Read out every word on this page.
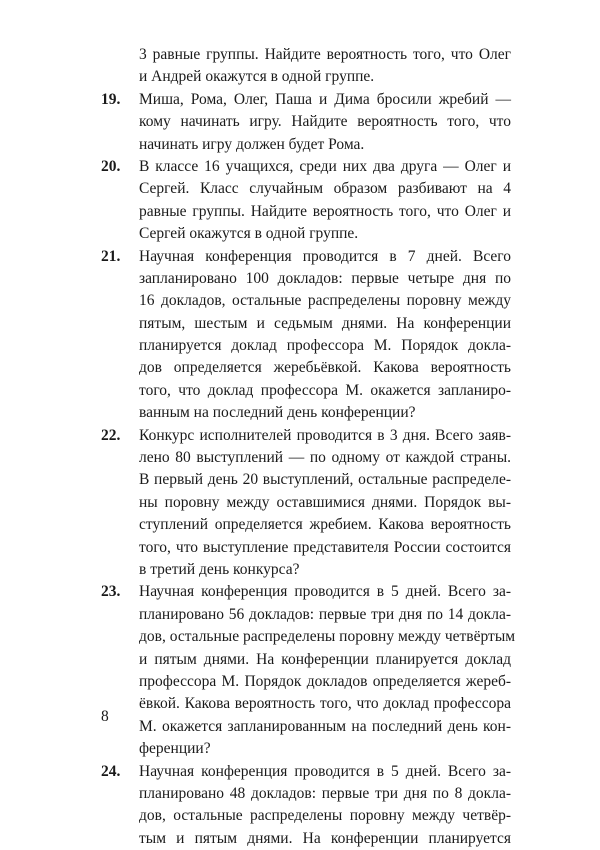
3 равные группы. Найдите вероятность того, что Олег
и Андрей окажутся в одной группе.
19. Миша, Рома, Олег, Паша и Дима бросили жребий —
кому начинать игру. Найдите вероятность того, что
начинать игру должен будет Рома.
20. В классе 16 учащихся, среди них два друга — Олег и
Сергей. Класс случайным образом разбивают на 4
равные группы. Найдите вероятность того, что Олег и
Сергей окажутся в одной группе.
21. Научная конференция проводится в 7 дней. Всего
запланировано 100 докладов: первые четыре дня по
16 докладов, остальные распределены поровну между
пятым, шестым и седьмым днями. На конференции
планируется доклад профессора М. Порядок докла-
дов определяется жеребьёвкой. Какова вероятность
того, что доклад профессора М. окажется запланиро-
ванным на последний день конференции?
22. Конкурс исполнителей проводится в 3 дня. Всего заяв-
лено 80 выступлений — по одному от каждой страны.
В первый день 20 выступлений, остальные распределе-
ны поровну между оставшимися днями. Порядок вы-
ступлений определяется жребием. Какова вероятность
того, что выступление представителя России состоится
в третий день конкурса?
23. Научная конференция проводится в 5 дней. Всего за-
планировано 56 докладов: первые три дня по 14 докла-
дов, остальные распределены поровну между четвёртым
и пятым днями. На конференции планируется доклад
профессора М. Порядок докладов определяется жереб-
ёвкой. Какова вероятность того, что доклад профессора
М. окажется запланированным на последний день кон-
ференции?
24. Научная конференция проводится в 5 дней. Всего за-
планировано 48 докладов: первые три дня по 8 доклa-
дов, остальные распределены поровну между четвёр-
тым и пятым днями. На конференции планируется
8
